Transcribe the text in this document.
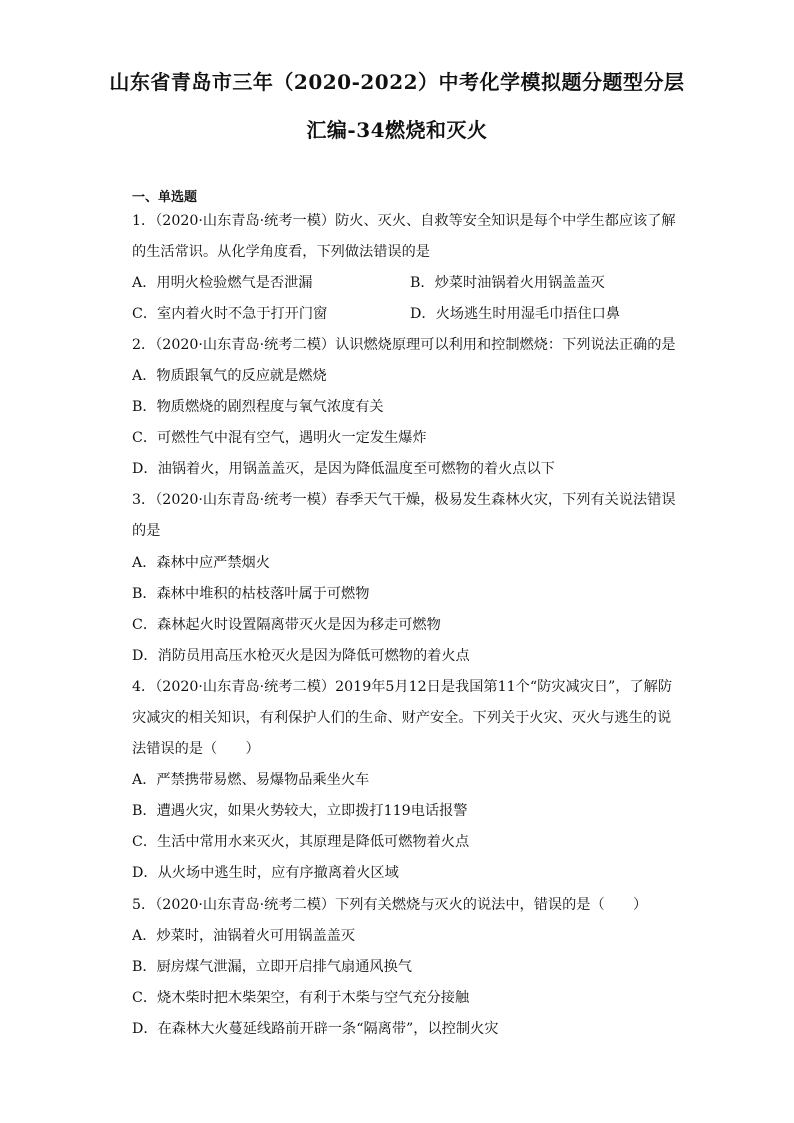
山东省青岛市三年（2020-2022）中考化学模拟题分题型分层
汇编-34燃烧和灭火
一、单选题
1．（2020·山东青岛·统考一模）防火、灭火、自救等安全知识是每个中学生都应该了解
的生活常识。从化学角度看，下列做法错误的是
A．用明火检验燃气是否泄漏	B．炒菜时油锅着火用锅盖盖灭
C．室内着火时不急于打开门窗	D．火场逃生时用湿毛巾捂住口鼻
2．（2020·山东青岛·统考二模）认识燃烧原理可以利用和控制燃烧：下列说法正确的是
A．物质跟氧气的反应就是燃烧
B．物质燃烧的剧烈程度与氧气浓度有关
C．可燃性气中混有空气，遇明火一定发生爆炸
D．油锅着火，用锅盖盖灭，是因为降低温度至可燃物的着火点以下
3．（2020·山东青岛·统考一模）春季天气干燥，极易发生森林火灾，下列有关说法错误
的是
A．森林中应严禁烟火
B．森林中堆积的枯枝落叶属于可燃物
C．森林起火时设置隔离带灭火是因为移走可燃物
D．消防员用高压水枪灭火是因为降低可燃物的着火点
4．（2020·山东青岛·统考二模）2019年5月12日是我国第11个“防灾减灾日”，了解防
灾减灾的相关知识，有利保护人们的生命、财产安全。下列关于火灾、灭火与逃生的说
法错误的是（　　）
A．严禁携带易燃、易爆物品乘坐火车
B．遭遇火灾，如果火势较大，立即拨打119电话报警
C．生活中常用水来灭火，其原理是降低可燃物着火点
D．从火场中逃生时，应有序撤离着火区域
5．（2020·山东青岛·统考二模）下列有关燃烧与灭火的说法中，错误的是（　　）
A．炒菜时，油锅着火可用锅盖盖灭
B．厨房煤气泄漏，立即开启排气扇通风换气
C．烧木柴时把木柴架空，有利于木柴与空气充分接触
D．在森林大火蔓延线路前开辟一条“隔离带”，以控制火灾
